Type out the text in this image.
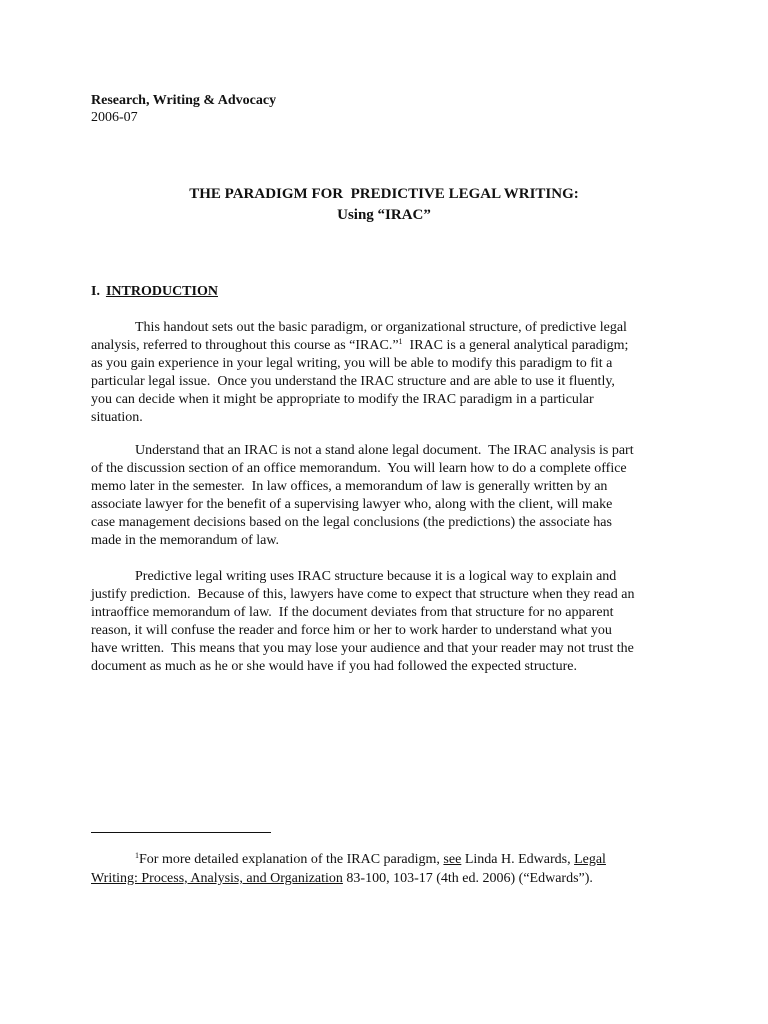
Research, Writing & Advocacy
2006-07
THE PARADIGM FOR  PREDICTIVE LEGAL WRITING:
Using “IRAC”
I. INTRODUCTION
This handout sets out the basic paradigm, or organizational structure, of predictive legal
analysis, referred to throughout this course as “IRAC.”$^1$  IRAC is a general analytical paradigm;
as you gain experience in your legal writing, you will be able to modify this paradigm to fit a
particular legal issue.  Once you understand the IRAC structure and are able to use it fluently,
you can decide when it might be appropriate to modify the IRAC paradigm in a particular
situation.
Understand that an IRAC is not a stand alone legal document.  The IRAC analysis is part
of the discussion section of an office memorandum.  You will learn how to do a complete office
memo later in the semester.  In law offices, a memorandum of law is generally written by an
associate lawyer for the benefit of a supervising lawyer who, along with the client, will make
case management decisions based on the legal conclusions (the predictions) the associate has
made in the memorandum of law.
Predictive legal writing uses IRAC structure because it is a logical way to explain and
justify prediction.  Because of this, lawyers have come to expect that structure when they read an
intraoffice memorandum of law.  If the document deviates from that structure for no apparent
reason, it will confuse the reader and force him or her to work harder to understand what you
have written.  This means that you may lose your audience and that your reader may not trust the
document as much as he or she would have if you had followed the expected structure.
$^1$For more detailed explanation of the IRAC paradigm, see Linda H. Edwards, Legal
Writing: Process, Analysis, and Organization 83-100, 103-17 (4th ed. 2006) (“Edwards”).
